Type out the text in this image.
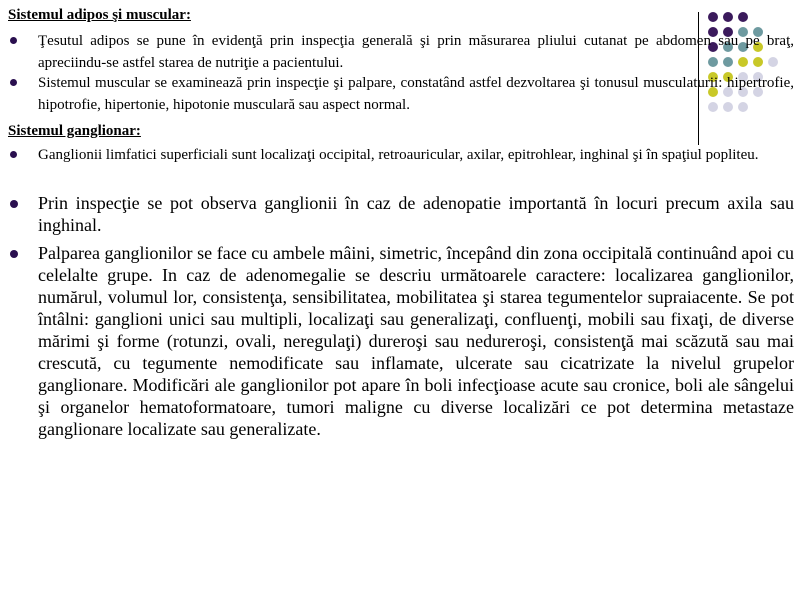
Sistemul adipos şi muscular:
Ţesutul adipos se pune în evidenţă prin inspecţia generală şi prin măsurarea pliului cutanat pe abdomen sau pe braţ, apreciindu-se astfel starea de nutriţie a pacientului.
Sistemul muscular se examinează prin inspecţie şi palpare, constatând astfel dezvoltarea şi tonusul musculaturii: hipertrofie, hipotrofie, hipertonie, hipotonie musculară sau aspect normal.
Sistemul ganglionar:
Ganglionii limfatici superficiali sunt localizaţi occipital, retroauricular, axilar, epitrohlear, inghinal şi în spaţiul popliteu.
Prin inspecţie se pot observa ganglionii în caz de adenopatie importantă în locuri precum axila sau inghinal.
Palparea ganglionilor se face cu ambele mâini, simetric, începând din zona occipitală continuând apoi cu celelalte grupe. In caz de adenomegalie se descriu următoarele caractere: localizarea ganglionilor, numărul, volumul lor, consistenţa, sensibilitatea, mobilitatea şi starea tegumentelor supraiacente. Se pot întâlni: ganglioni unici sau multipli, localizaţi sau generalizaţi, confluenţi, mobili sau fixaţi, de diverse mărimi şi forme (rotunzi, ovali, neregulaţi) dureroşi sau nedureroşi, consistenţă mai scăzută sau mai crescută, cu tegumente nemodificate sau inflamate, ulcerate sau cicatrizate la nivelul grupelor ganglionare. Modificări ale ganglionilor pot apare în boli infecţioase acute sau cronice, boli ale sângelui şi organelor hematoformatoare, tumori maligne cu diverse localizări ce pot determina metastaze ganglionare localizate sau generalizate.
